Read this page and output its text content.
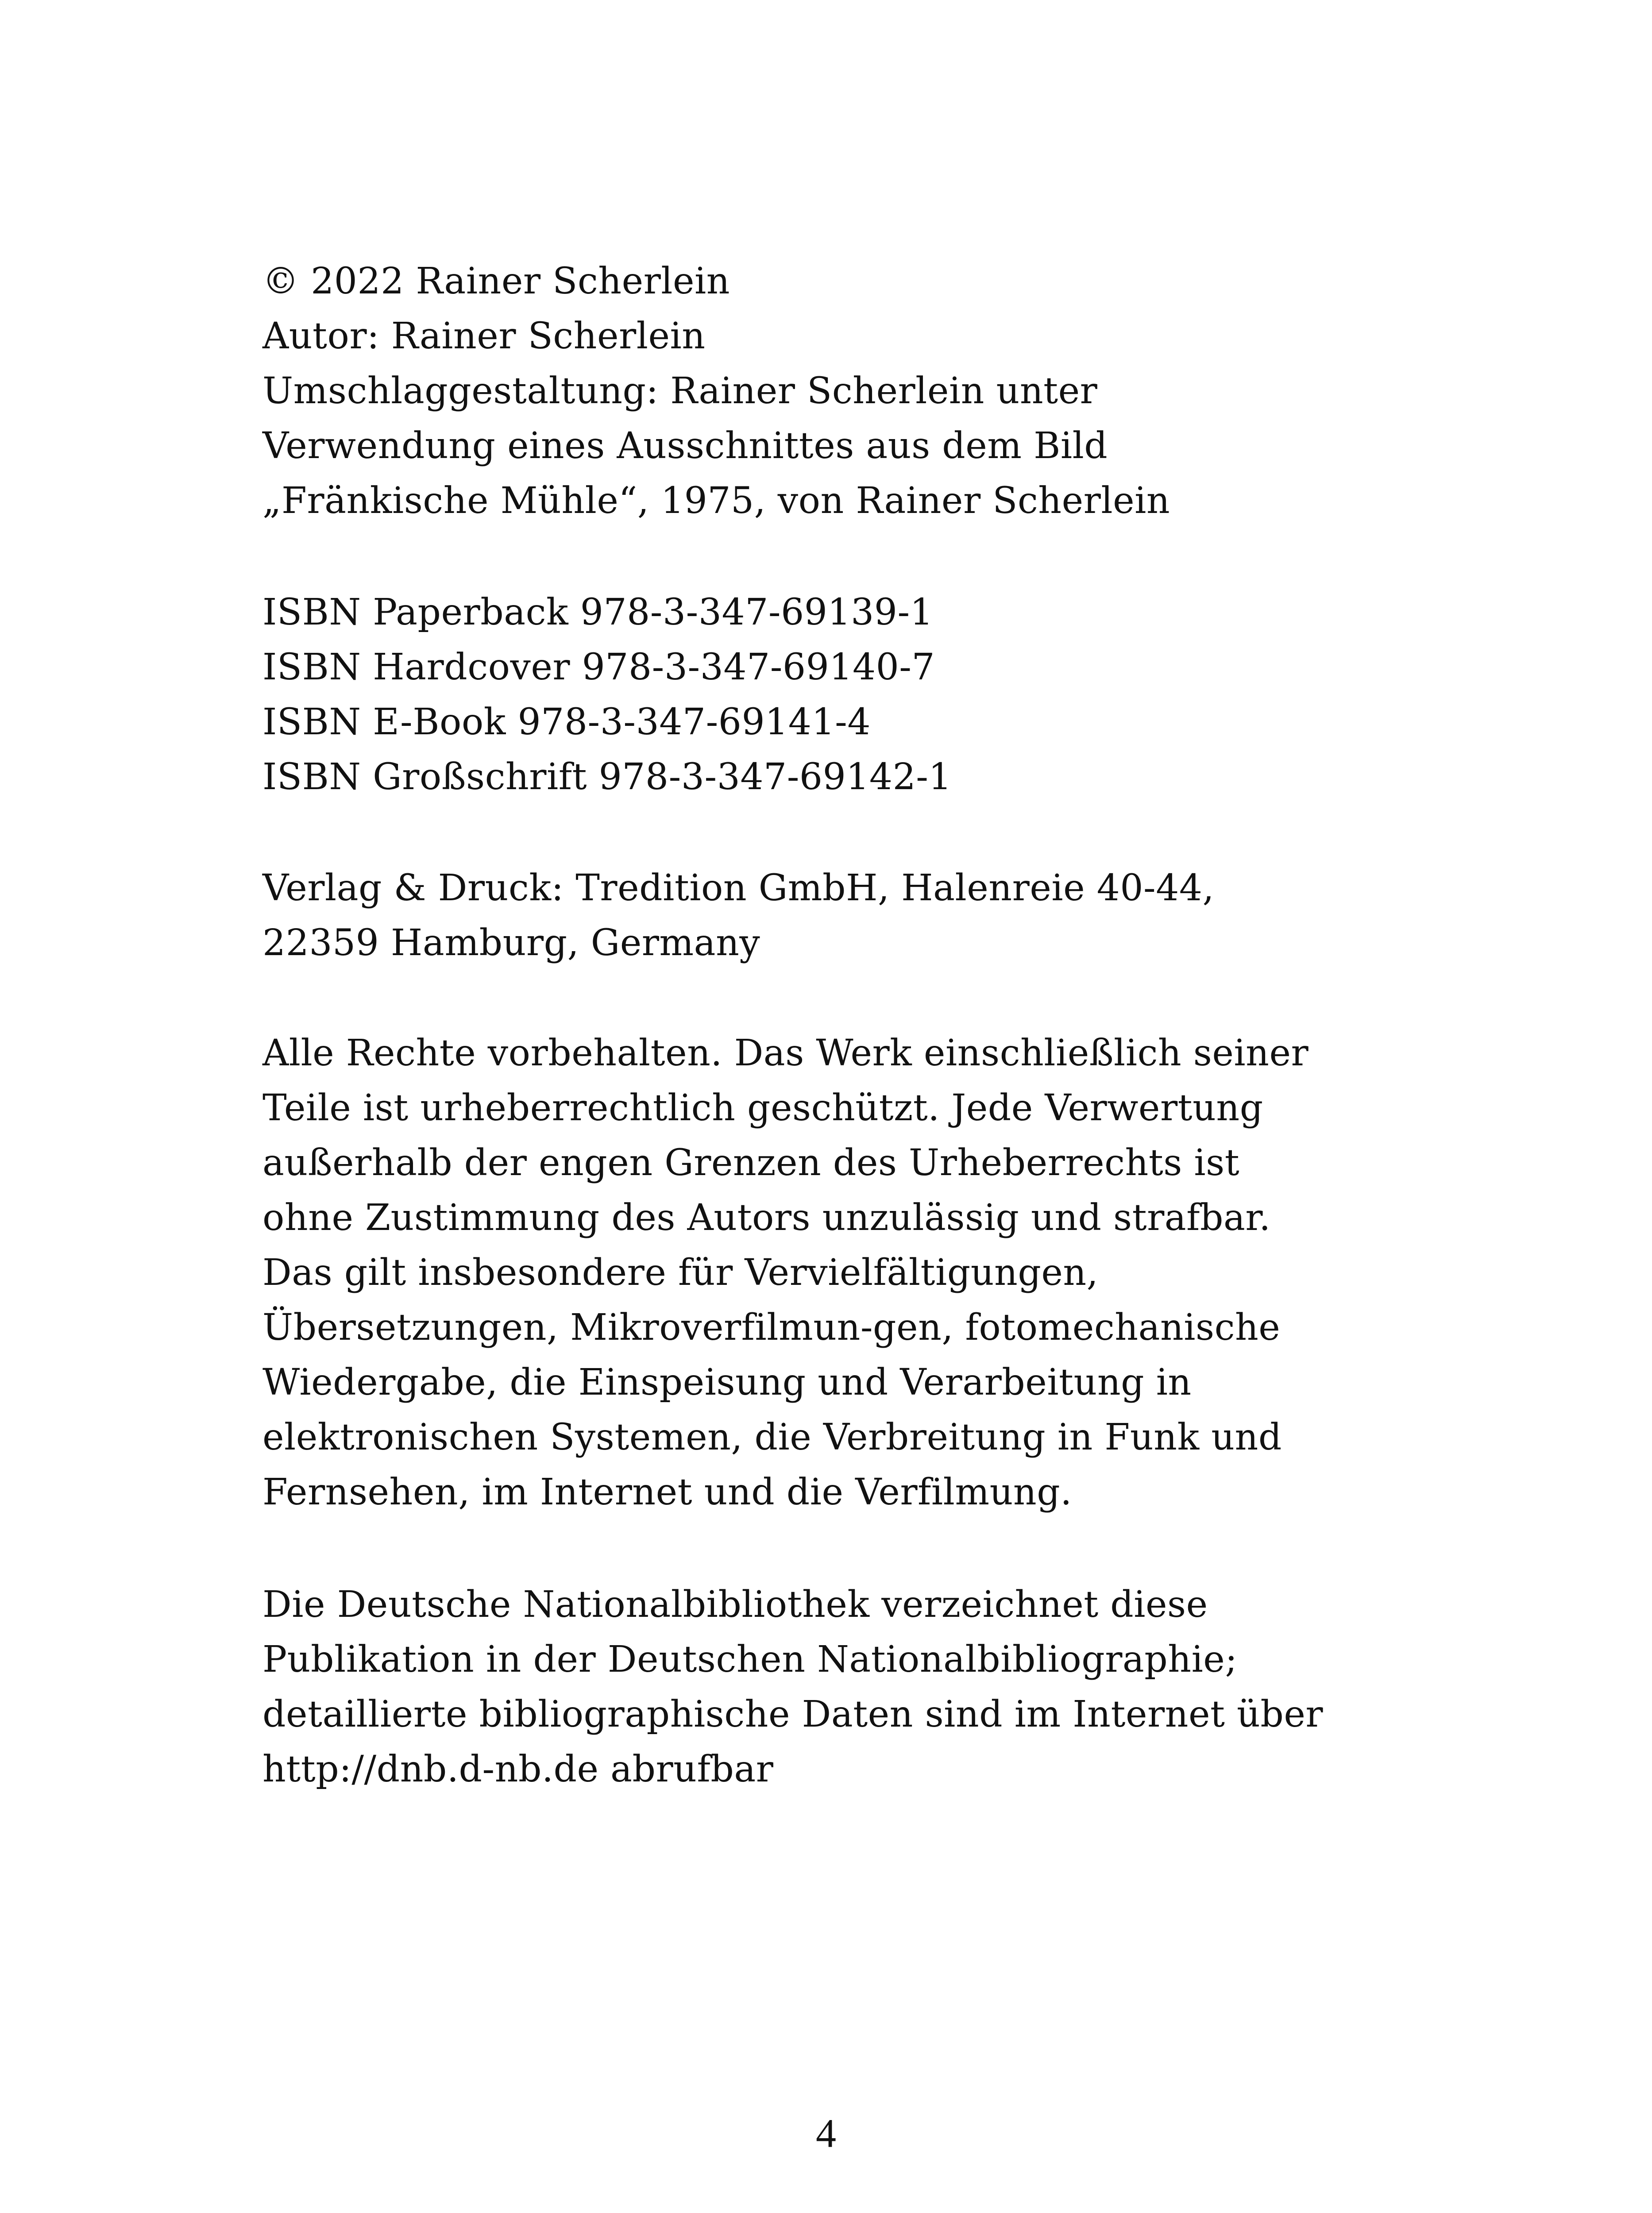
© 2022 Rainer Scherlein
Autor: Rainer Scherlein
Umschlaggestaltung: Rainer Scherlein unter
Verwendung eines Ausschnittes aus dem Bild
„Fränkische Mühle“, 1975, von Rainer Scherlein
ISBN Paperback 978-3-347-69139-1
ISBN Hardcover 978-3-347-69140-7
ISBN E-Book 978-3-347-69141-4
ISBN Großschrift 978-3-347-69142-1
Verlag & Druck: Tredition GmbH, Halenreie 40-44,
22359 Hamburg, Germany
Alle Rechte vorbehalten. Das Werk einschließlich seiner
Teile ist urheberrechtlich geschützt. Jede Verwertung
außerhalb der engen Grenzen des Urheberrechts ist
ohne Zustimmung des Autors unzulässig und strafbar.
Das gilt insbesondere für Vervielfältigungen,
Übersetzungen, Mikroverfilmun-gen, fotomechanische
Wiedergabe, die Einspeisung und Verarbeitung in
elektronischen Systemen, die Verbreitung in Funk und
Fernsehen, im Internet und die Verfilmung.
Die Deutsche Nationalbibliothek verzeichnet diese
Publikation in der Deutschen Nationalbibliographie;
detaillierte bibliographische Daten sind im Internet über
http://dnb.d-nb.de abrufbar
4
